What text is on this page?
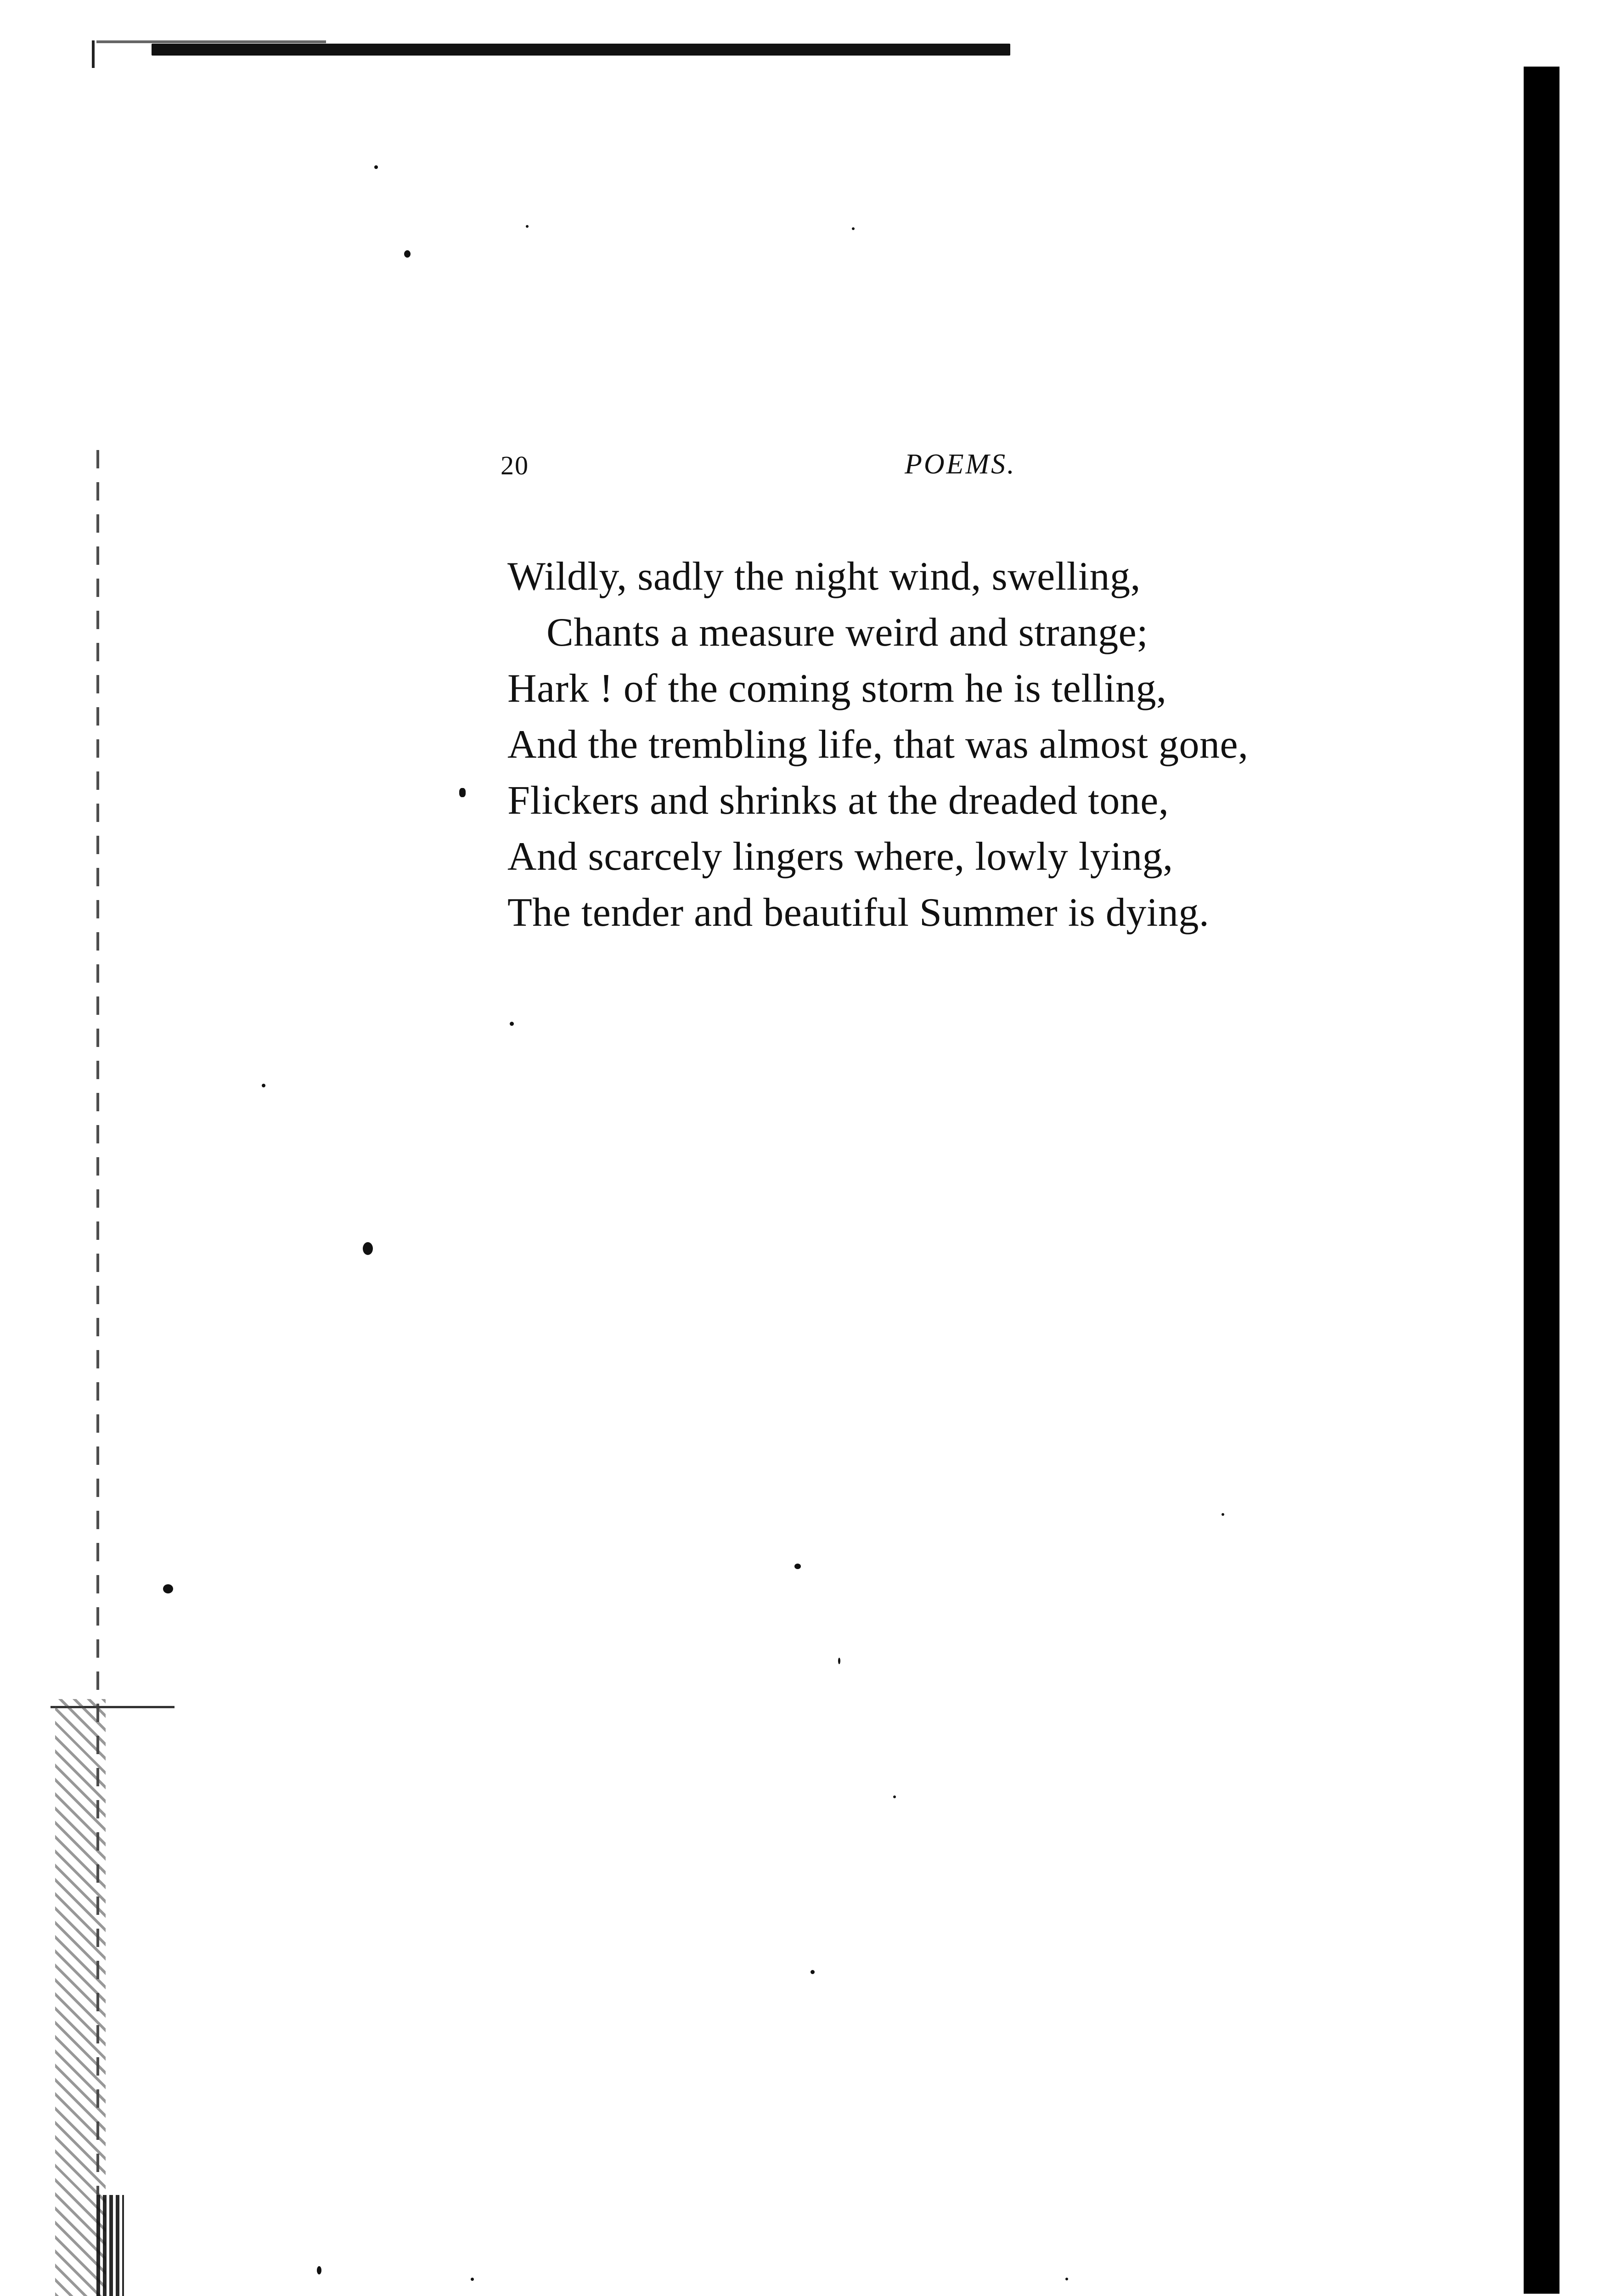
20	POEMS.
Wildly, sadly the night wind, swelling,
Chants a measure weird and strange;
Hark ! of the coming storm he is telling,
And the trembling life, that was almost gone,
Flickers and shrinks at the dreaded tone,
And scarcely lingers where, lowly lying,
The tender and beautiful Summer is dying.
